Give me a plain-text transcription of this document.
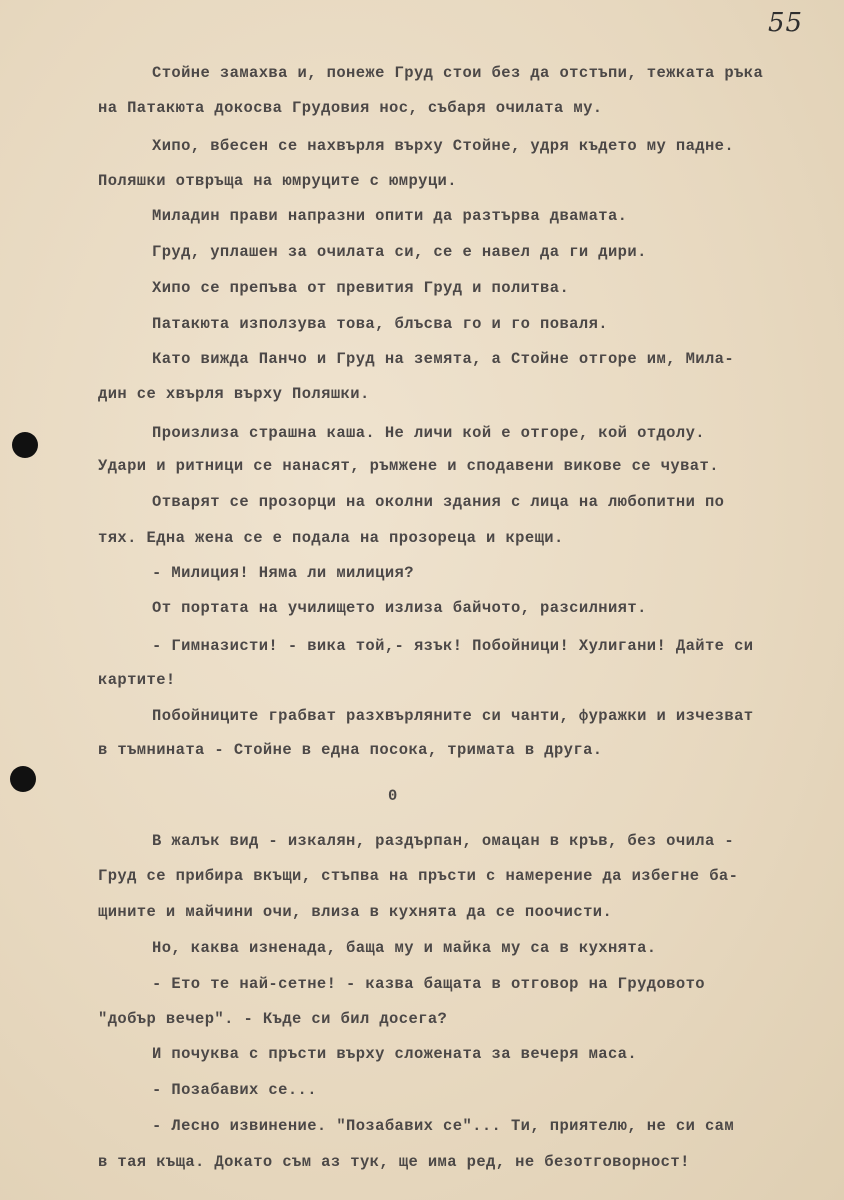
55
Стойне замахва и, понеже Груд стои без да отстъпи, тежката ръка
на Патакюта докосва Грудовия нос, събаря очилата му.
Хипо, вбесен се нахвърля върху Стойне, удря където му падне.
Поляшки отвръща на юмруците с юмруци.
Миладин прави напразни опити да разтърва двамата.
Груд, уплашен за очилата си, се е навел да ги дири.
Хипо се препъва от превития Груд и политва.
Патакюта използува това, блъсва го и го поваля.
Като вижда Панчо и Груд на земята, а Стойне отгоре им, Мила-
дин се хвърля върху Поляшки.
Произлиза страшна каша. Не личи кой е отгоре, кой отдолу.
Удари и ритници се нанасят, ръмжене и сподавени викове се чуват.
Отварят се прозорци на околни здания с лица на любопитни по
тях. Една жена се е подала на прозореца и крещи.
- Милиция! Няма ли милиция?
От портата на училището излиза байчото, разсилният.
- Гимназисти! - вика той,- язък! Побойници! Хулигани! Дайте си
картите!
Побойниците грабват разхвърляните си чанти, фуражки и изчезват
в тъмнината - Стойне в една посока, тримата в друга.
0
В жалък вид - изкалян, раздърпан, омацан в кръв, без очила -
Груд се прибира вкъщи, стъпва на пръсти с намерение да избегне ба-
щините и майчини очи, влиза в кухнята да се поочисти.
Но, каква изненада, баща му и майка му са в кухнята.
- Ето те най-сетне! - казва бащата в отговор на Грудовото
"добър вечер". - Къде си бил досега?
И почуква с пръсти върху сложената за вечеря маса.
- Позабавих се...
- Лесно извинение. "Позабавих се"... Ти, приятелю, не си сам
в тая къща. Докато съм аз тук, ще има ред, не безотговорност!
